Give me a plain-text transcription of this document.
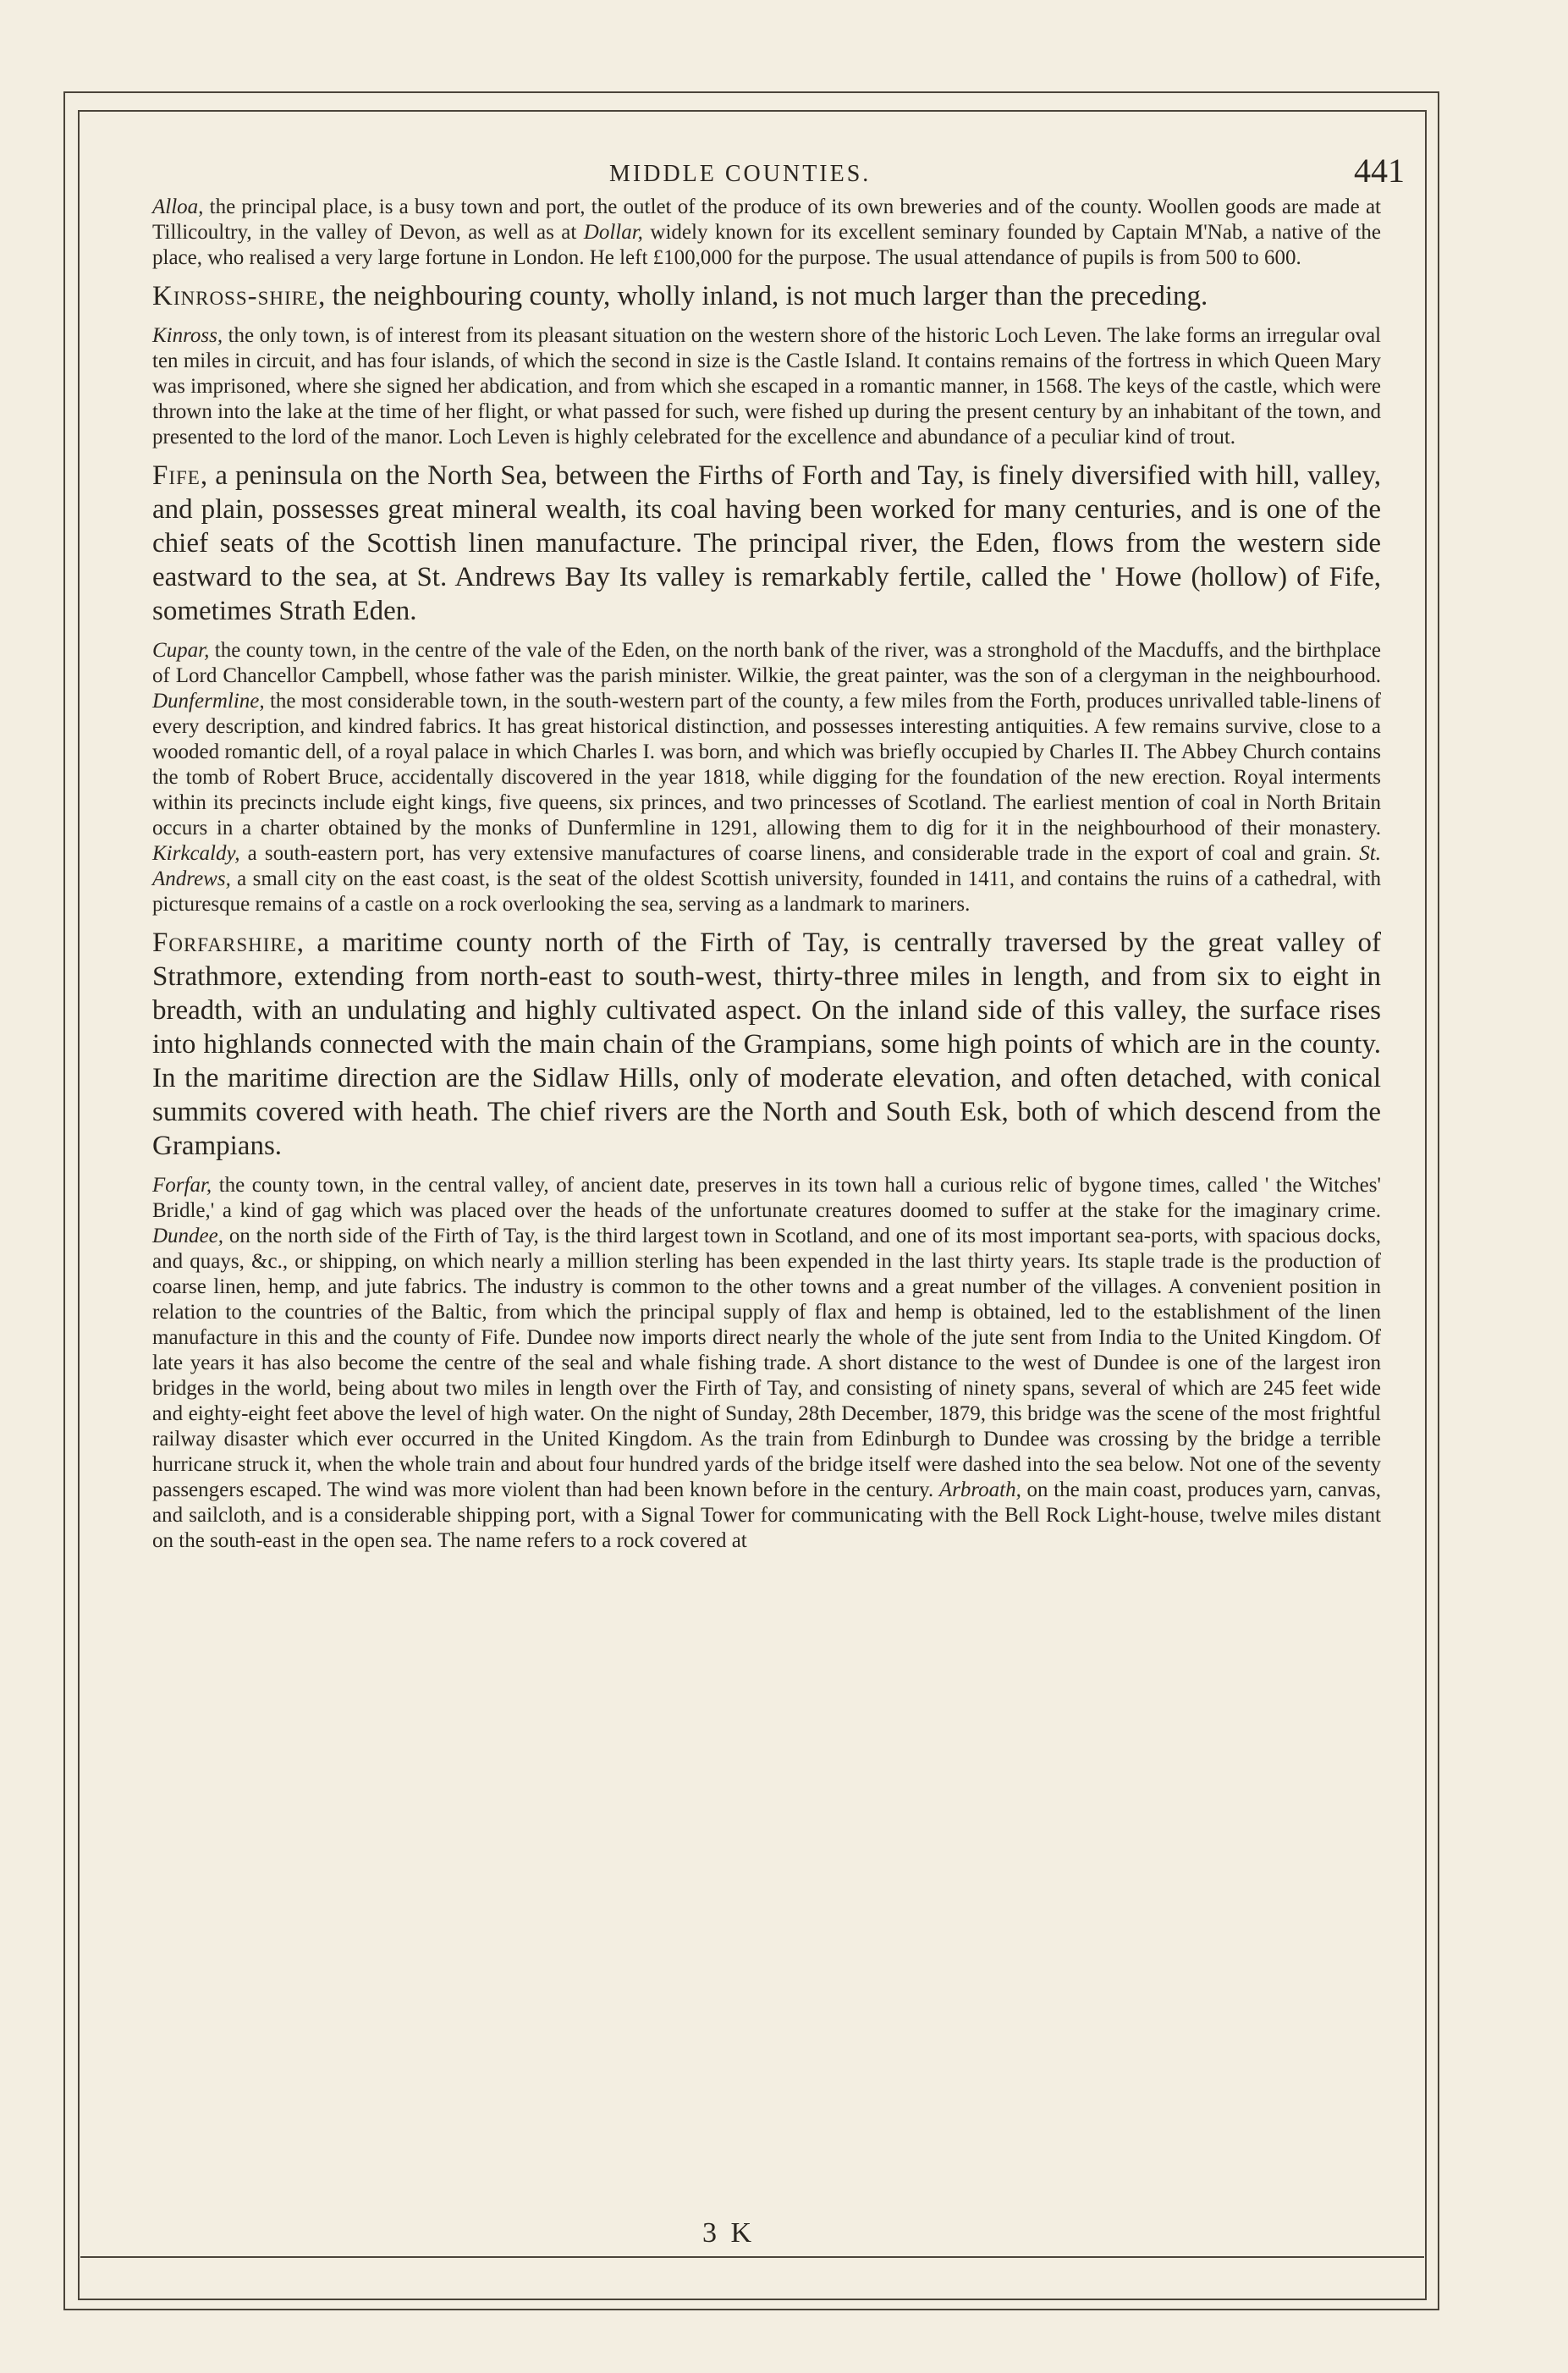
MIDDLE COUNTIES.	441

Alloa, the principal place, is a busy town and port, the outlet of the produce of its own breweries and of the county. Woollen goods are made at Tillicoultry, in the valley of Devon, as well as at Dollar, widely known for its excellent seminary founded by Captain M'Nab, a native of the place, who realised a very large fortune in London. He left £100,000 for the purpose. The usual attendance of pupils is from 500 to 600.

Kinross-shire, the neighbouring county, wholly inland, is not much larger than the preceding.

Kinross, the only town, is of interest from its pleasant situation on the western shore of the historic Loch Leven. The lake forms an irregular oval ten miles in circuit, and has four islands, of which the second in size is the Castle Island. It contains remains of the fortress in which Queen Mary was imprisoned, where she signed her abdication, and from which she escaped in a romantic manner, in 1568. The keys of the castle, which were thrown into the lake at the time of her flight, or what passed for such, were fished up during the present century by an inhabitant of the town, and presented to the lord of the manor. Loch Leven is highly celebrated for the excellence and abundance of a peculiar kind of trout.

Fife, a peninsula on the North Sea, between the Firths of Forth and Tay, is finely diversified with hill, valley, and plain, possesses great mineral wealth, its coal having been worked for many centuries, and is one of the chief seats of the Scottish linen manufacture. The principal river, the Eden, flows from the western side eastward to the sea, at St. Andrews Bay Its valley is remarkably fertile, called the ' Howe (hollow) of Fife, sometimes Strath Eden.

Cupar, the county town, in the centre of the vale of the Eden, on the north bank of the river, was a stronghold of the Macduffs, and the birthplace of Lord Chancellor Campbell, whose father was the parish minister. Wilkie, the great painter, was the son of a clergyman in the neighbourhood. Dunfermline, the most considerable town, in the south-western part of the county, a few miles from the Forth, produces unrivalled table-linens of every description, and kindred fabrics. It has great historical distinction, and possesses interesting antiquities. A few remains survive, close to a wooded romantic dell, of a royal palace in which Charles I. was born, and which was briefly occupied by Charles II. The Abbey Church contains the tomb of Robert Bruce, accidentally discovered in the year 1818, while digging for the foundation of the new erection. Royal interments within its precincts include eight kings, five queens, six princes, and two princesses of Scotland. The earliest mention of coal in North Britain occurs in a charter obtained by the monks of Dunfermline in 1291, allowing them to dig for it in the neighbourhood of their monastery. Kirkcaldy, a south-eastern port, has very extensive manufactures of coarse linens, and considerable trade in the export of coal and grain. St. Andrews, a small city on the east coast, is the seat of the oldest Scottish university, founded in 1411, and contains the ruins of a cathedral, with picturesque remains of a castle on a rock overlooking the sea, serving as a landmark to mariners.

Forfarshire, a maritime county north of the Firth of Tay, is centrally traversed by the great valley of Strathmore, extending from north-east to south-west, thirty-three miles in length, and from six to eight in breadth, with an undulating and highly cultivated aspect. On the inland side of this valley, the surface rises into highlands connected with the main chain of the Grampians, some high points of which are in the county. In the maritime direction are the Sidlaw Hills, only of moderate elevation, and often detached, with conical summits covered with heath. The chief rivers are the North and South Esk, both of which descend from the Grampians.

Forfar, the county town, in the central valley, of ancient date, preserves in its town hall a curious relic of bygone times, called ' the Witches' Bridle,' a kind of gag which was placed over the heads of the unfortunate creatures doomed to suffer at the stake for the imaginary crime. Dundee, on the north side of the Firth of Tay, is the third largest town in Scotland, and one of its most important sea-ports, with spacious docks, and quays, &c., or shipping, on which nearly a million sterling has been expended in the last thirty years. Its staple trade is the production of coarse linen, hemp, and jute fabrics. The industry is common to the other towns and a great number of the villages. A convenient position in relation to the countries of the Baltic, from which the principal supply of flax and hemp is obtained, led to the establishment of the linen manufacture in this and the county of Fife. Dundee now imports direct nearly the whole of the jute sent from India to the United Kingdom. Of late years it has also become the centre of the seal and whale fishing trade. A short distance to the west of Dundee is one of the largest iron bridges in the world, being about two miles in length over the Firth of Tay, and consisting of ninety spans, several of which are 245 feet wide and eighty-eight feet above the level of high water. On the night of Sunday, 28th December, 1879, this bridge was the scene of the most frightful railway disaster which ever occurred in the United Kingdom. As the train from Edinburgh to Dundee was crossing by the bridge a terrible hurricane struck it, when the whole train and about four hundred yards of the bridge itself were dashed into the sea below. Not one of the seventy passengers escaped. The wind was more violent than had been known before in the century. Arbroath, on the main coast, produces yarn, canvas, and sailcloth, and is a considerable shipping port, with a Signal Tower for communicating with the Bell Rock Light-house, twelve miles distant on the south-east in the open sea. The name refers to a rock covered at

3 K
